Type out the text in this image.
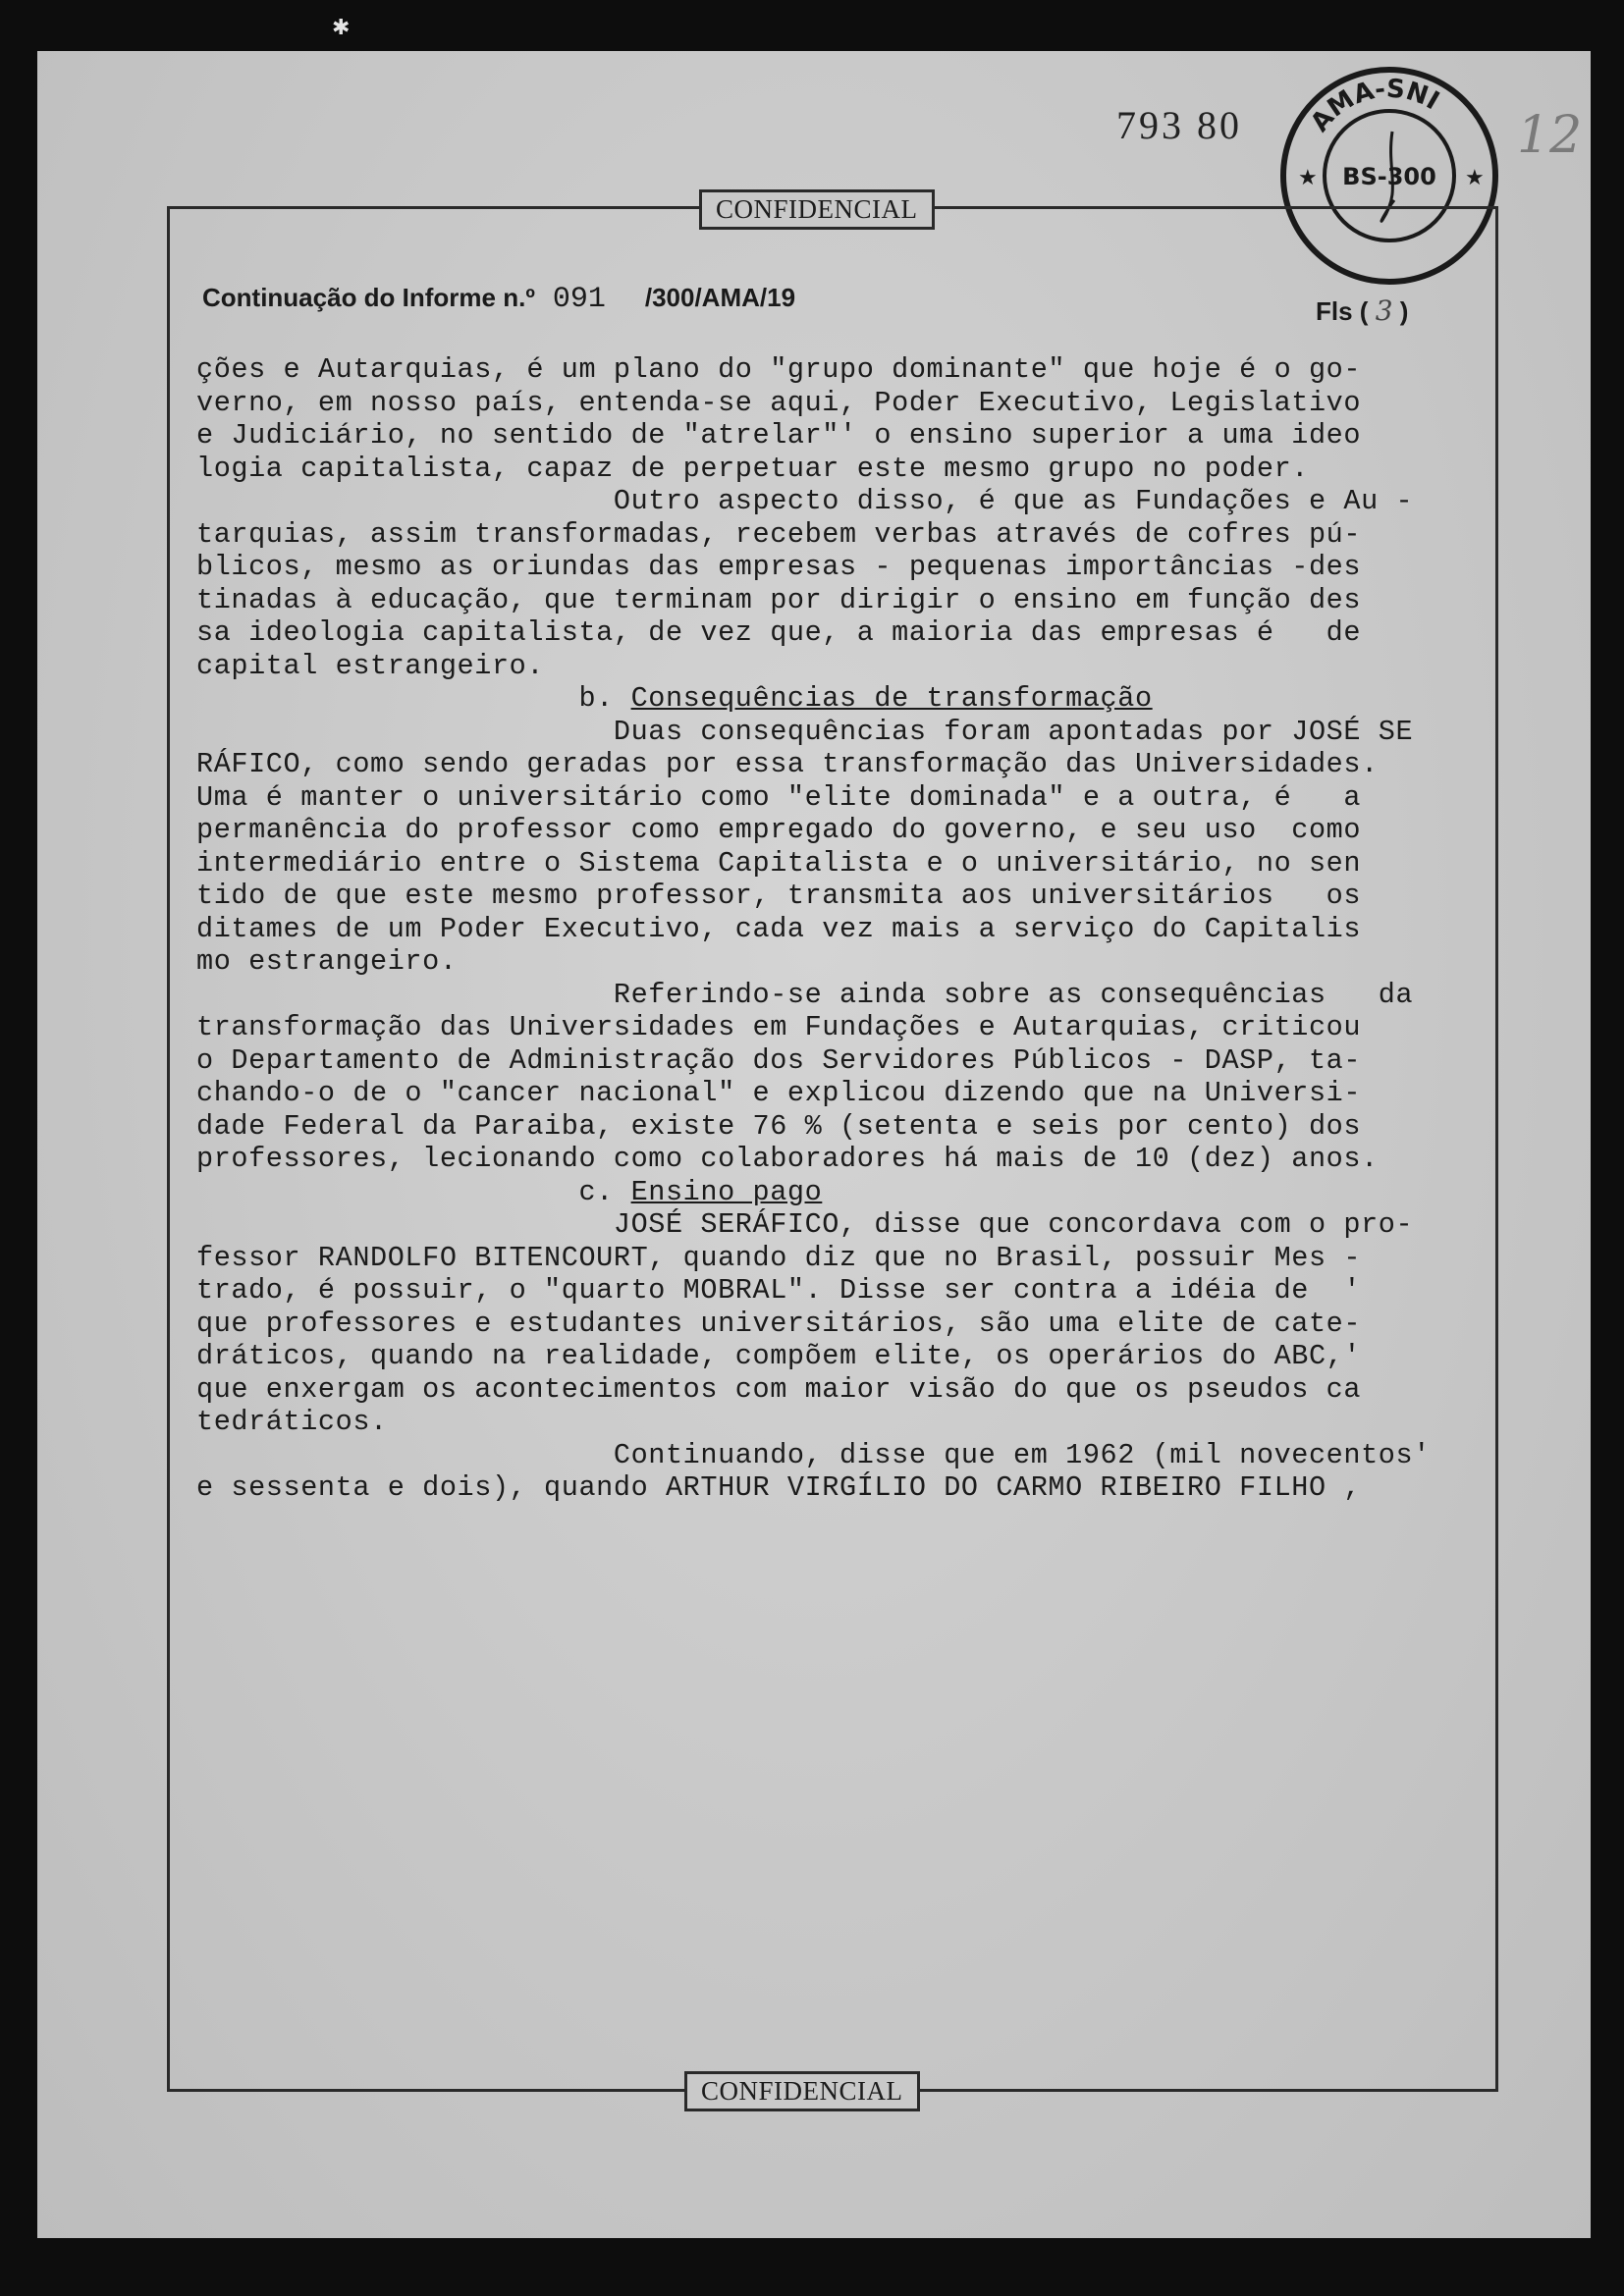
✱
793 80	12
AMA-SNI
★	★
BS-300
CONFIDENCIAL
Continuação do Informe n.º 091 /300/AMA/19	Fls ( 3 )
ções e Autarquias, é um plano do "grupo dominante" que hoje é o go-
verno, em nosso país, entenda-se aqui, Poder Executivo, Legislativo
e Judiciário, no sentido de "atrelar"' o ensino superior a uma ideo
logia capitalista, capaz de perpetuar este mesmo grupo no poder.
Outro aspecto disso, é que as Fundações e Au -
tarquias, assim transformadas, recebem verbas através de cofres pú-
blicos, mesmo as oriundas das empresas - pequenas importâncias -des
tinadas à educação, que terminam por dirigir o ensino em função des
sa ideologia capitalista, de vez que, a maioria das empresas é   de
capital estrangeiro.
b. Consequências de transformação
Duas consequências foram apontadas por JOSÉ SE
RÁFICO, como sendo geradas por essa transformação das Universidades.
Uma é manter o universitário como "elite dominada" e a outra, é   a
permanência do professor como empregado do governo, e seu uso  como
intermediário entre o Sistema Capitalista e o universitário, no sen
tido de que este mesmo professor, transmita aos universitários   os
ditames de um Poder Executivo, cada vez mais a serviço do Capitalis
mo estrangeiro.
Referindo-se ainda sobre as consequências   da
transformação das Universidades em Fundações e Autarquias, criticou
o Departamento de Administração dos Servidores Públicos - DASP, ta-
chando-o de o "cancer nacional" e explicou dizendo que na Universi-
dade Federal da Paraiba, existe 76 % (setenta e seis por cento) dos
professores, lecionando como colaboradores há mais de 10 (dez) anos.
c. Ensino pago
JOSÉ SERÁFICO, disse que concordava com o pro-
fessor RANDOLFO BITENCOURT, quando diz que no Brasil, possuir Mes -
trado, é possuir, o "quarto MOBRAL". Disse ser contra a idéia de  '
que professores e estudantes universitários, são uma elite de cate-
dráticos, quando na realidade, compõem elite, os operários do ABC,'
que enxergam os acontecimentos com maior visão do que os pseudos ca
tedráticos.
Continuando, disse que em 1962 (mil novecentos'
e sessenta e dois), quando ARTHUR VIRGÍLIO DO CARMO RIBEIRO FILHO ,
CONFIDENCIAL
